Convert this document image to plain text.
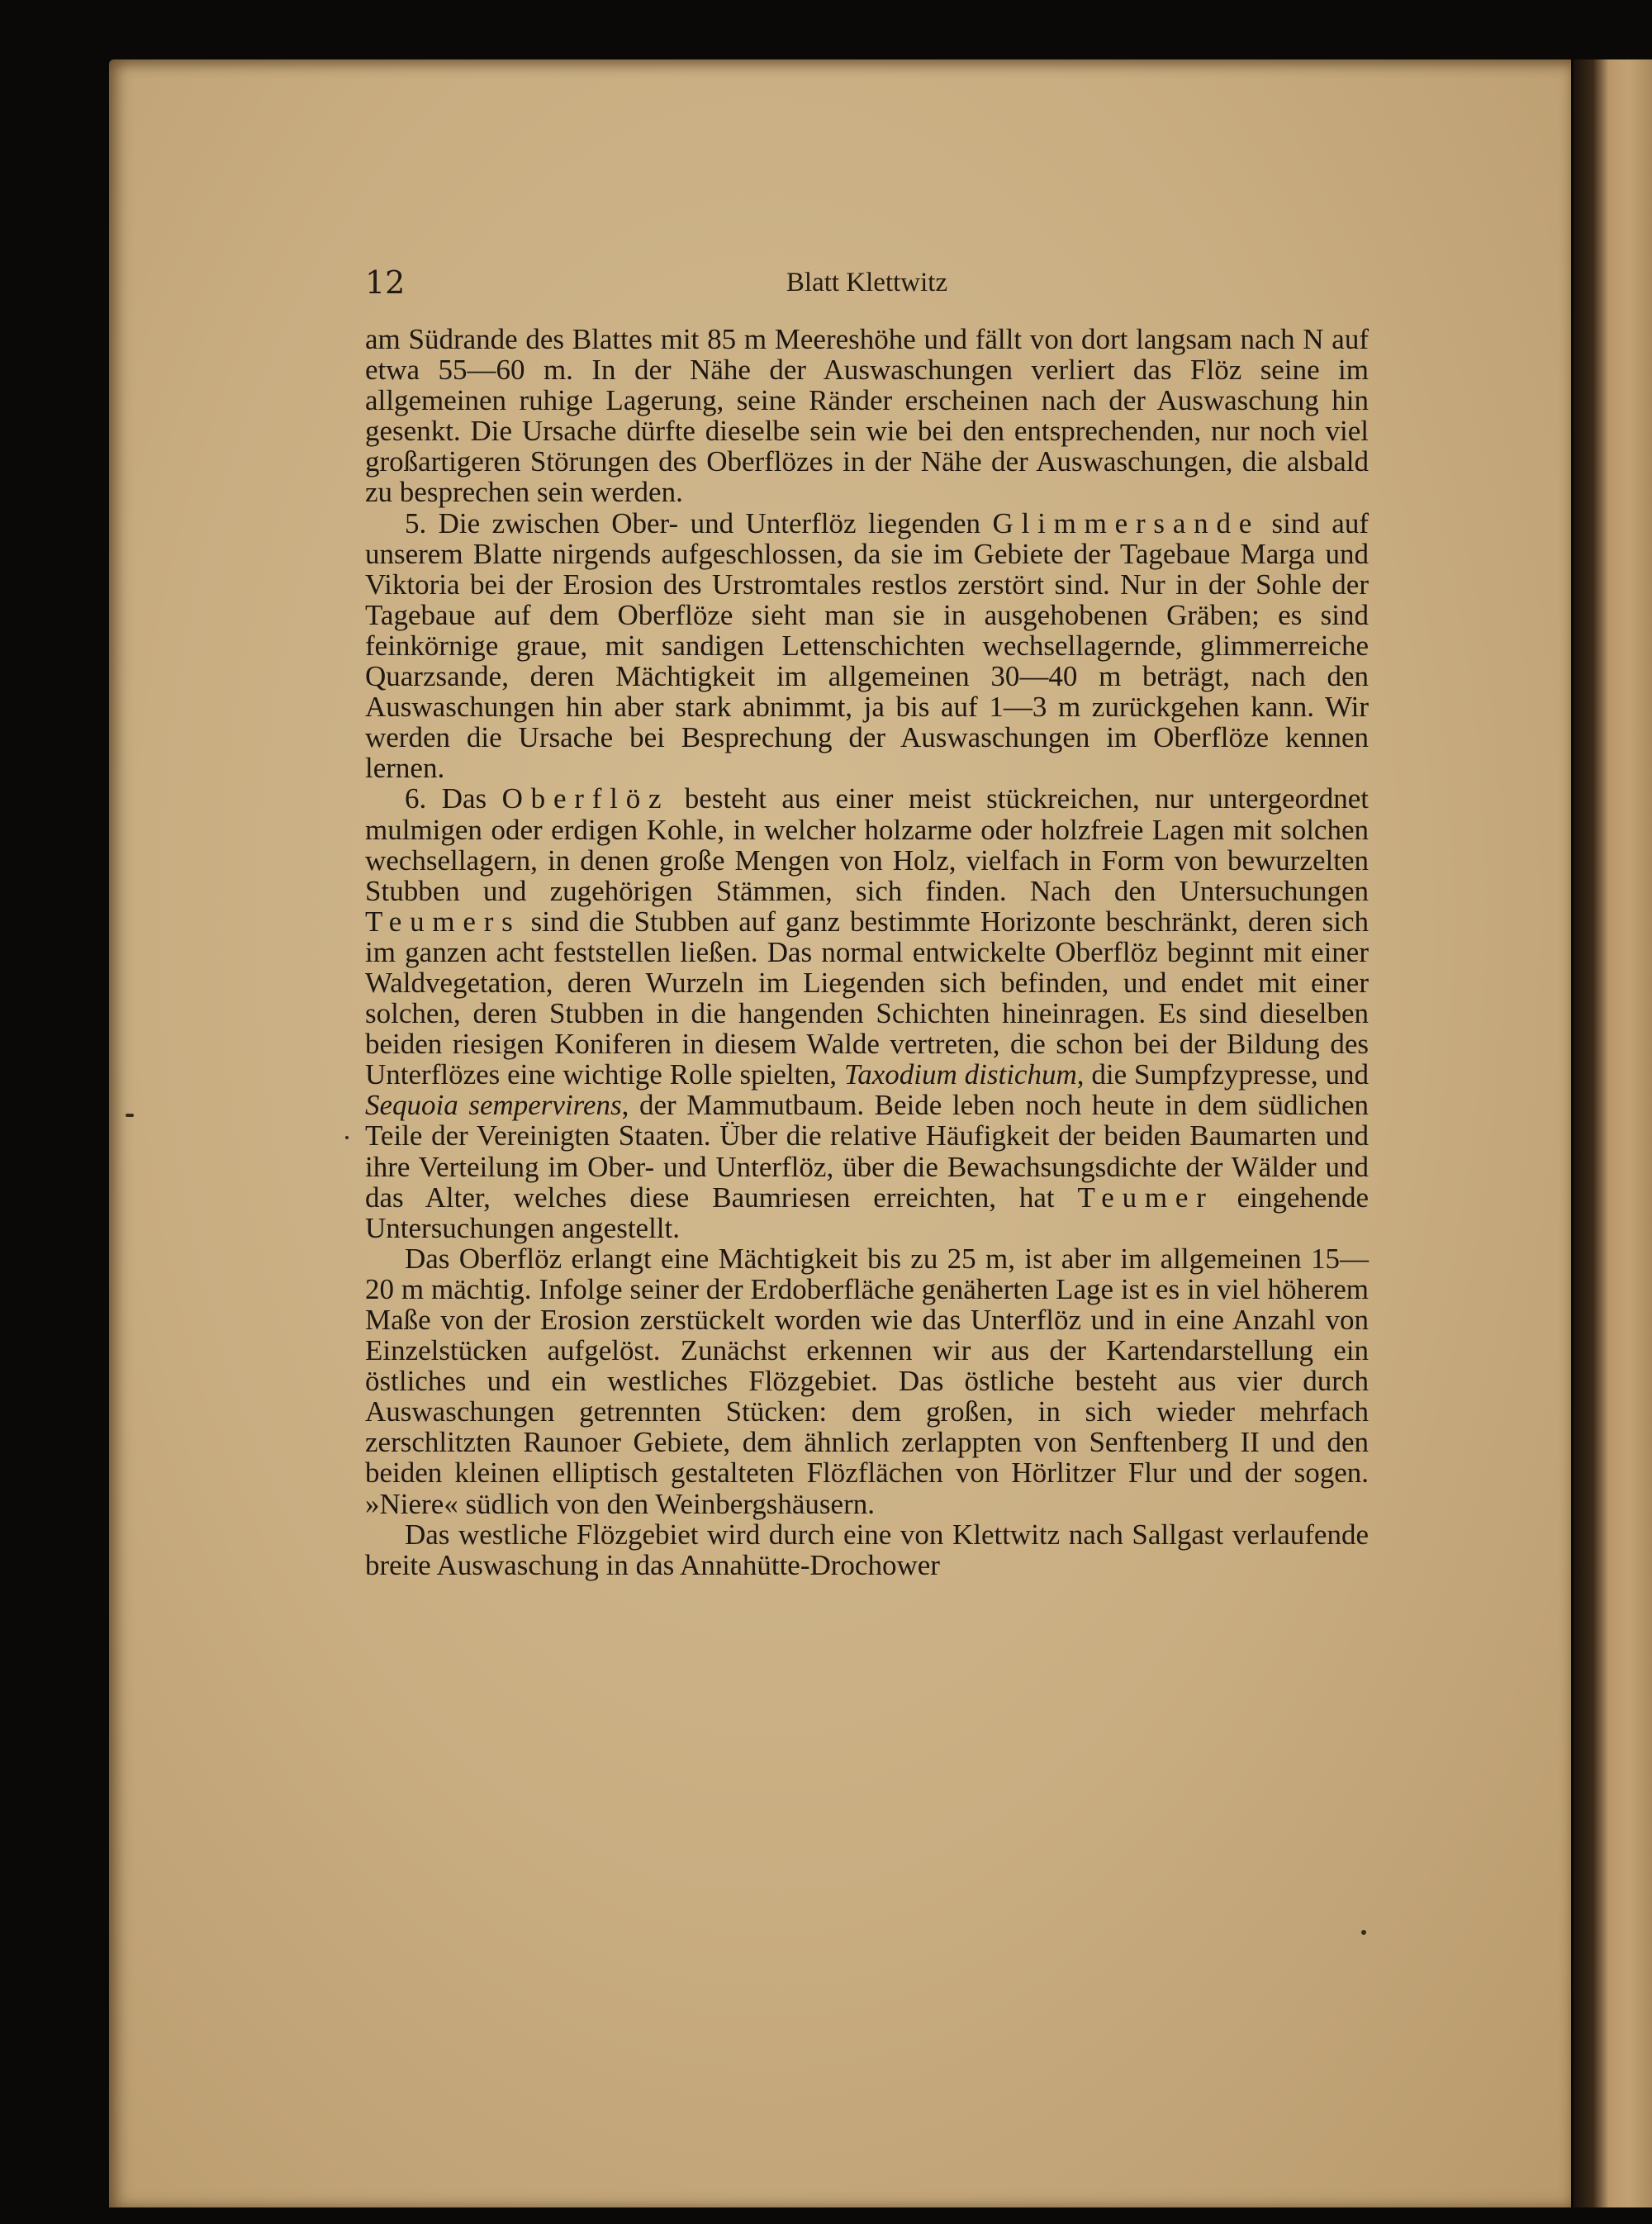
12	Blatt Klettwitz

am Südrande des Blattes mit 85 m Meereshöhe und fällt von dort langsam nach N auf etwa 55—60 m. In der Nähe der Auswaschungen verliert das Flöz seine im allgemeinen ruhige Lagerung, seine Ränder erscheinen nach der Auswaschung hin gesenkt. Die Ursache dürfte dieselbe sein wie bei den entsprechenden, nur noch viel großartigeren Störungen des Oberflözes in der Nähe der Auswaschungen, die alsbald zu besprechen sein werden.

5. Die zwischen Ober- und Unterflöz liegenden Glimmersande sind auf unserem Blatte nirgends aufgeschlossen, da sie im Gebiete der Tagebaue Marga und Viktoria bei der Erosion des Urstromtales restlos zerstört sind. Nur in der Sohle der Tagebaue auf dem Oberflöze sieht man sie in ausgehobenen Gräben; es sind feinkörnige graue, mit sandigen Lettenschichten wechsellagernde, glimmerreiche Quarzsande, deren Mächtigkeit im allgemeinen 30—40 m beträgt, nach den Auswaschungen hin aber stark abnimmt, ja bis auf 1—3 m zurückgehen kann. Wir werden die Ursache bei Besprechung der Auswaschungen im Oberflöze kennen lernen.

6. Das Oberflöz besteht aus einer meist stückreichen, nur untergeordnet mulmigen oder erdigen Kohle, in welcher holzarme oder holzfreie Lagen mit solchen wechsellagern, in denen große Mengen von Holz, vielfach in Form von bewurzelten Stubben und zugehörigen Stämmen, sich finden. Nach den Untersuchungen Teumers sind die Stubben auf ganz bestimmte Horizonte beschränkt, deren sich im ganzen acht feststellen ließen. Das normal entwickelte Oberflöz beginnt mit einer Waldvegetation, deren Wurzeln im Liegenden sich befinden, und endet mit einer solchen, deren Stubben in die hangenden Schichten hineinragen. Es sind dieselben beiden riesigen Koniferen in diesem Walde vertreten, die schon bei der Bildung des Unterflözes eine wichtige Rolle spielten, Taxodium distichum, die Sumpfzypresse, und Sequoia sempervirens, der Mammutbaum. Beide leben noch heute in dem südlichen Teile der Vereinigten Staaten. Über die relative Häufigkeit der beiden Baumarten und ihre Verteilung im Ober- und Unterflöz, über die Bewachsungsdichte der Wälder und das Alter, welches diese Baumriesen erreichten, hat Teumer eingehende Untersuchungen angestellt.

Das Oberflöz erlangt eine Mächtigkeit bis zu 25 m, ist aber im allgemeinen 15—20 m mächtig. Infolge seiner der Erdoberfläche genäherten Lage ist es in viel höherem Maße von der Erosion zerstückelt worden wie das Unterflöz und in eine Anzahl von Einzelstücken aufgelöst. Zunächst erkennen wir aus der Kartendarstellung ein östliches und ein westliches Flözgebiet. Das östliche besteht aus vier durch Auswaschungen getrennten Stücken: dem großen, in sich wieder mehrfach zerschlitzten Raunoer Gebiete, dem ähnlich zerlappten von Senftenberg II und den beiden kleinen elliptisch gestalteten Flözflächen von Hörlitzer Flur und der sogen. »Niere« südlich von den Weinbergshäusern.

Das westliche Flözgebiet wird durch eine von Klettwitz nach Sallgast verlaufende breite Auswaschung in das Annahütte-Drochower
